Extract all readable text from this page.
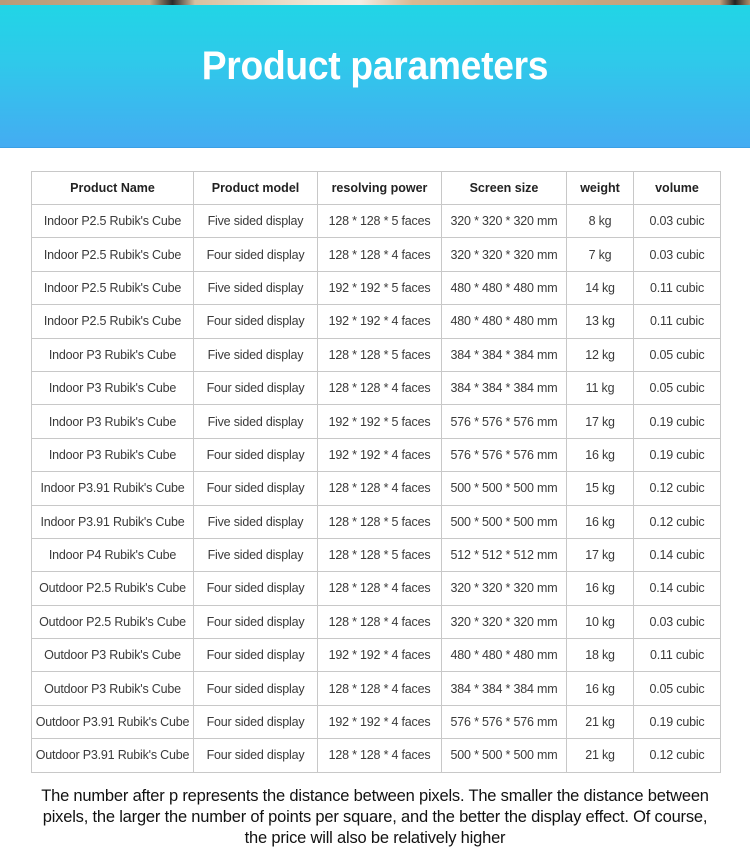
Product parameters
Product Name	Product model	resolving power	Screen size	weight	volume
Indoor P2.5 Rubik's Cube	Five sided display	128 * 128 * 5 faces	320 * 320 * 320 mm	8 kg	0.03 cubic
Indoor P2.5 Rubik's Cube	Four sided display	128 * 128 * 4 faces	320 * 320 * 320 mm	7 kg	0.03 cubic
Indoor P2.5 Rubik's Cube	Five sided display	192 * 192 * 5 faces	480 * 480 * 480 mm	14 kg	0.11 cubic
Indoor P2.5 Rubik's Cube	Four sided display	192 * 192 * 4 faces	480 * 480 * 480 mm	13 kg	0.11 cubic
Indoor P3 Rubik's Cube	Five sided display	128 * 128 * 5 faces	384 * 384 * 384 mm	12 kg	0.05 cubic
Indoor P3 Rubik's Cube	Four sided display	128 * 128 * 4 faces	384 * 384 * 384 mm	11 kg	0.05 cubic
Indoor P3 Rubik's Cube	Five sided display	192 * 192 * 5 faces	576 * 576 * 576 mm	17 kg	0.19 cubic
Indoor P3 Rubik's Cube	Four sided display	192 * 192 * 4 faces	576 * 576 * 576 mm	16 kg	0.19 cubic
Indoor P3.91 Rubik's Cube	Four sided display	128 * 128 * 4 faces	500 * 500 * 500 mm	15 kg	0.12 cubic
Indoor P3.91 Rubik's Cube	Five sided display	128 * 128 * 5 faces	500 * 500 * 500 mm	16 kg	0.12 cubic
Indoor P4 Rubik's Cube	Five sided display	128 * 128 * 5 faces	512 * 512 * 512 mm	17 kg	0.14 cubic
Outdoor P2.5 Rubik's Cube	Four sided display	128 * 128 * 4 faces	320 * 320 * 320 mm	16 kg	0.14 cubic
Outdoor P2.5 Rubik's Cube	Four sided display	128 * 128 * 4 faces	320 * 320 * 320 mm	10 kg	0.03 cubic
Outdoor P3 Rubik's Cube	Four sided display	192 * 192 * 4 faces	480 * 480 * 480 mm	18 kg	0.11 cubic
Outdoor P3 Rubik's Cube	Four sided display	128 * 128 * 4 faces	384 * 384 * 384 mm	16 kg	0.05 cubic
Outdoor P3.91 Rubik's Cube	Four sided display	192 * 192 * 4 faces	576 * 576 * 576 mm	21 kg	0.19 cubic
Outdoor P3.91 Rubik's Cube	Four sided display	128 * 128 * 4 faces	500 * 500 * 500 mm	21 kg	0.12 cubic
The number after p represents the distance between pixels. The smaller the distance between pixels, the larger the number of points per square, and the better the display effect. Of course, the price will also be relatively higher
